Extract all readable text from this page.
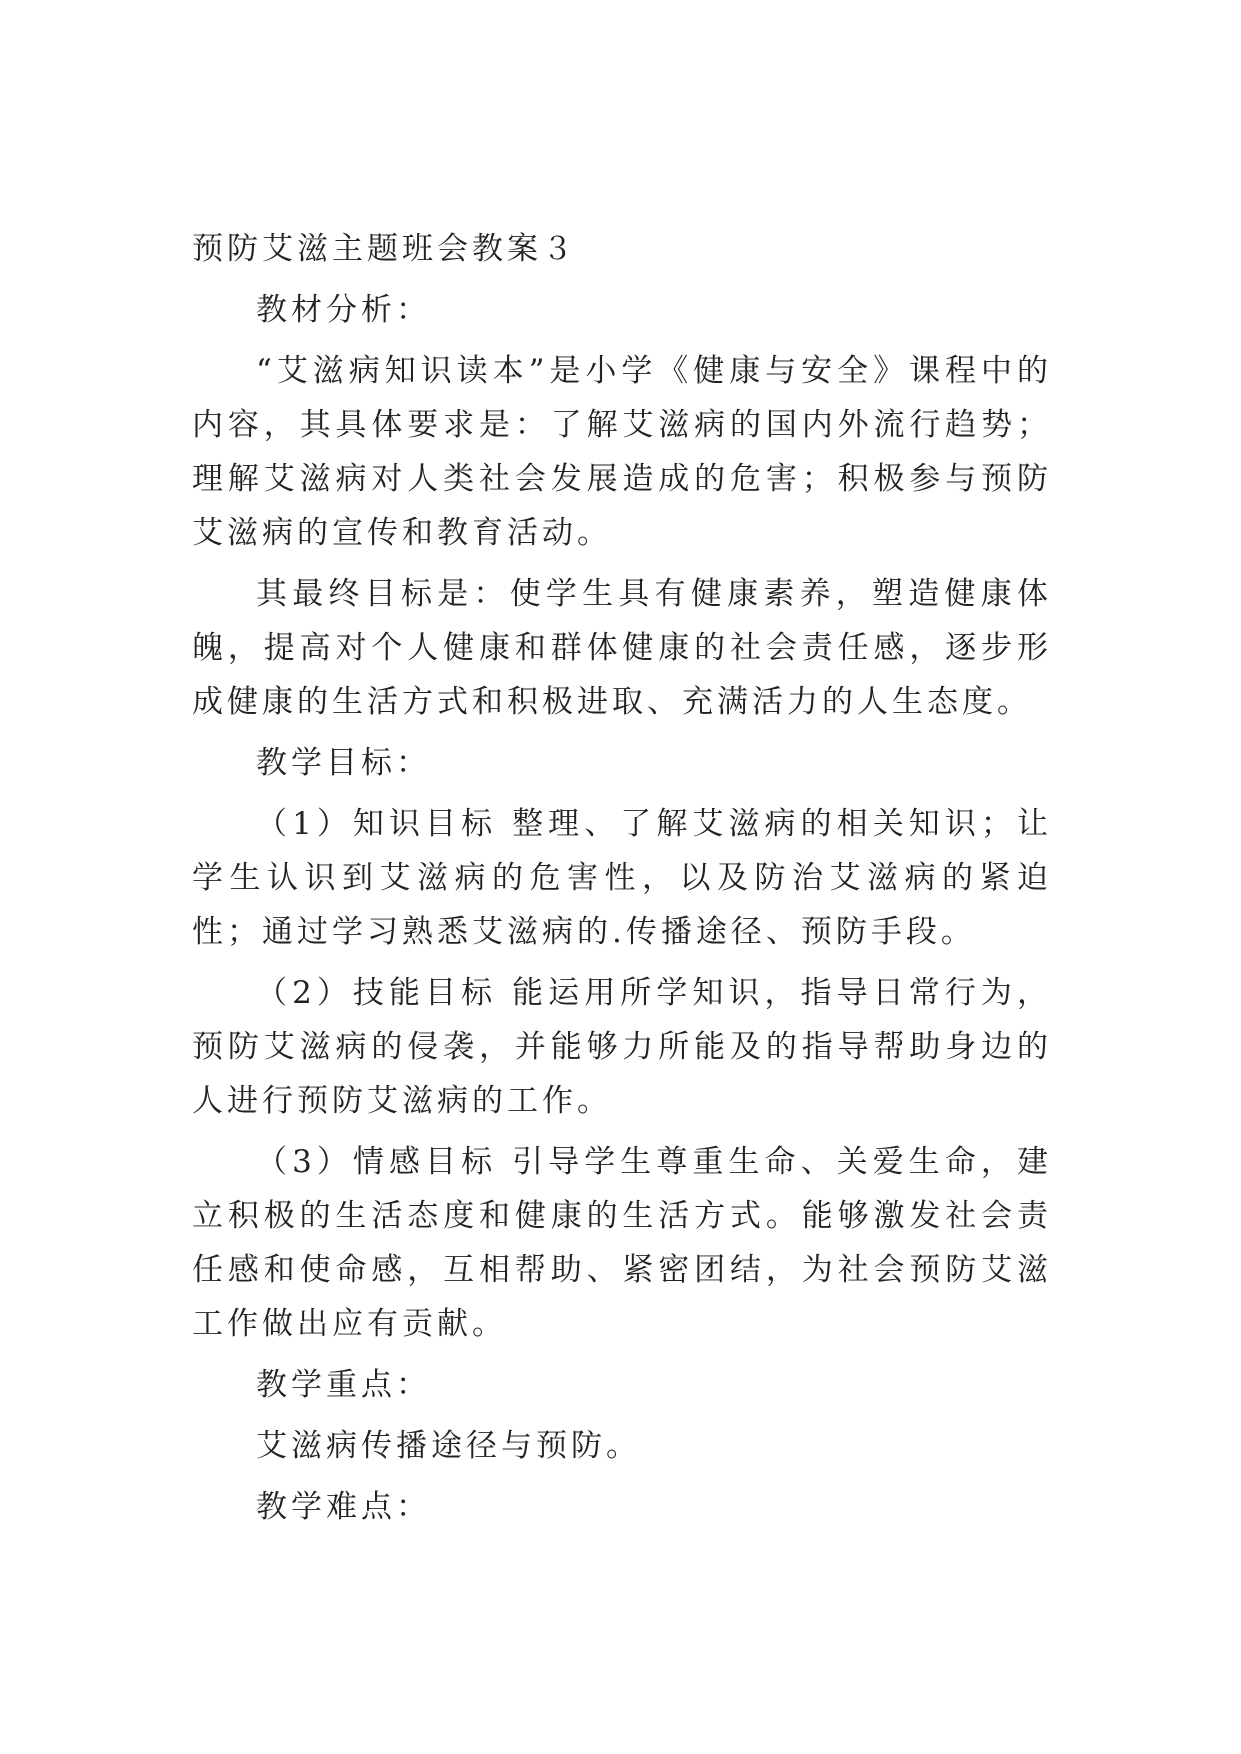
预防艾滋主题班会教案３

教材分析：

“艾滋病知识读本”是小学《健康与安全》课程中的内容，其具体要求是：了解艾滋病的国内外流行趋势；理解艾滋病对人类社会发展造成的危害；积极参与预防艾滋病的宣传和教育活动。

其最终目标是：使学生具有健康素养，塑造健康体魄，提高对个人健康和群体健康的社会责任感，逐步形成健康的生活方式和积极进取、充满活力的人生态度。

教学目标：

（1）知识目标 整理、了解艾滋病的相关知识；让学生认识到艾滋病的危害性，以及防治艾滋病的紧迫性；通过学习熟悉艾滋病的.传播途径、预防手段。

（2）技能目标 能运用所学知识，指导日常行为，预防艾滋病的侵袭，并能够力所能及的指导帮助身边的人进行预防艾滋病的工作。

（3）情感目标 引导学生尊重生命、关爱生命，建立积极的生活态度和健康的生活方式。能够激发社会责任感和使命感，互相帮助、紧密团结，为社会预防艾滋工作做出应有贡献。

教学重点：

艾滋病传播途径与预防。

教学难点：
